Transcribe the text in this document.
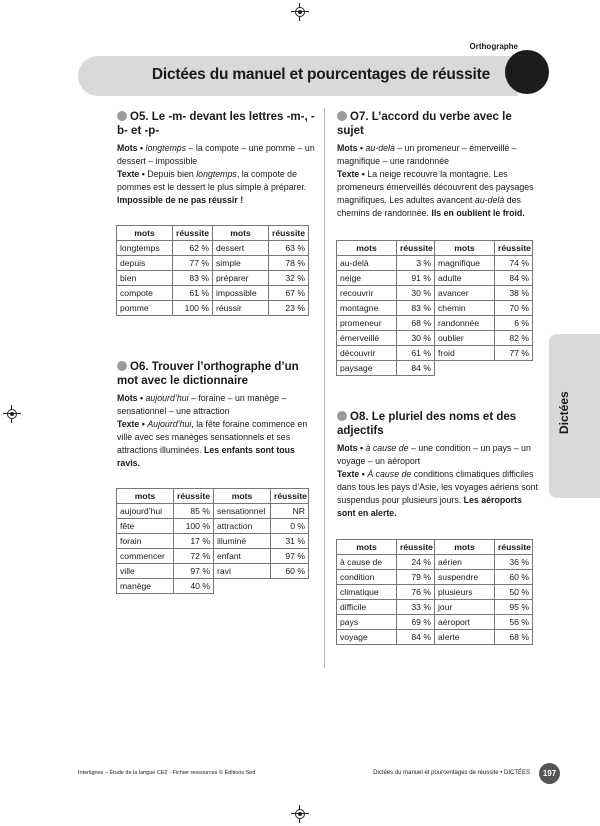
Orthographe
Dictées du manuel et pourcentages de réussite
O5. Le -m- devant les lettres -m-, -b- et -p-

Mots • longtemps – la compote – une pomme – un dessert – impossible

Texte • Depuis bien longtemps, la compote de pommes est le dessert le plus simple à préparer. Impossible de ne pas réussir !

mots	réussite	mots	réussite
longtemps	62 %	dessert	63 %
depuis	77 %	simple	78 %
bien	83 %	préparer	32 %
compote	61 %	impossible	67 %
pomme	100 %	réussir	23 %
O6. Trouver l’orthographe d’un mot avec le dictionnaire

Mots • aujourd’hui – foraine – un manège – sensationnel – une attraction

Texte • Aujourd’hui, la fête foraine commence en ville avec ses manèges sensationnels et ses attractions illuminées. Les enfants sont tous ravis.

mots	réussite	mots	réussite
aujourd’hui	85 %	sensationnel	NR
fête	100 %	attraction	0 %
forain	17 %	illuminé	31 %
commencer	72 %	enfant	97 %
ville	97 %	ravi	60 %
manège	40 %		
O7. L’accord du verbe avec le sujet

Mots • au-delà – un promeneur – émerveillé – magnifique – une randonnée

Texte • La neige recouvre la montagne. Les promeneurs émerveillés découvrent des paysages magnifiques. Les adultes avancent au-delà des chemins de randonnée. Ils en oublient le froid.

mots	réussite	mots	réussite
au-delà	3 %	magnifique	74 %
neige	91 %	adulte	84 %
recouvrir	30 %	avancer	38 %
montagne	83 %	chemin	70 %
promeneur	68 %	randonnée	6 %
émerveillé	30 %	oublier	82 %
découvrir	61 %	froid	77 %
paysage	84 %		
O8. Le pluriel des noms et des adjectifs

Mots • à cause de – une condition – un pays – un voyage – un aéroport

Texte • À cause de conditions climatiques difficiles dans tous les pays d’Asie, les voyages aériens sont suspendus pour plusieurs jours. Les aéroports sont en alerte.

mots	réussite	mots	réussite
à cause de	24 %	aérien	36 %
condition	79 %	suspendre	60 %
climatique	76 %	plusieurs	50 %
difficile	33 %	jour	95 %
pays	69 %	aéroport	56 %
voyage	84 %	alerte	68 %
Dictées
Interlignes – Étude de la langue CE2 - Fichier ressources © Éditions Sed	Dictées du manuel et pourcentages de réussite • DICTÉES	197
